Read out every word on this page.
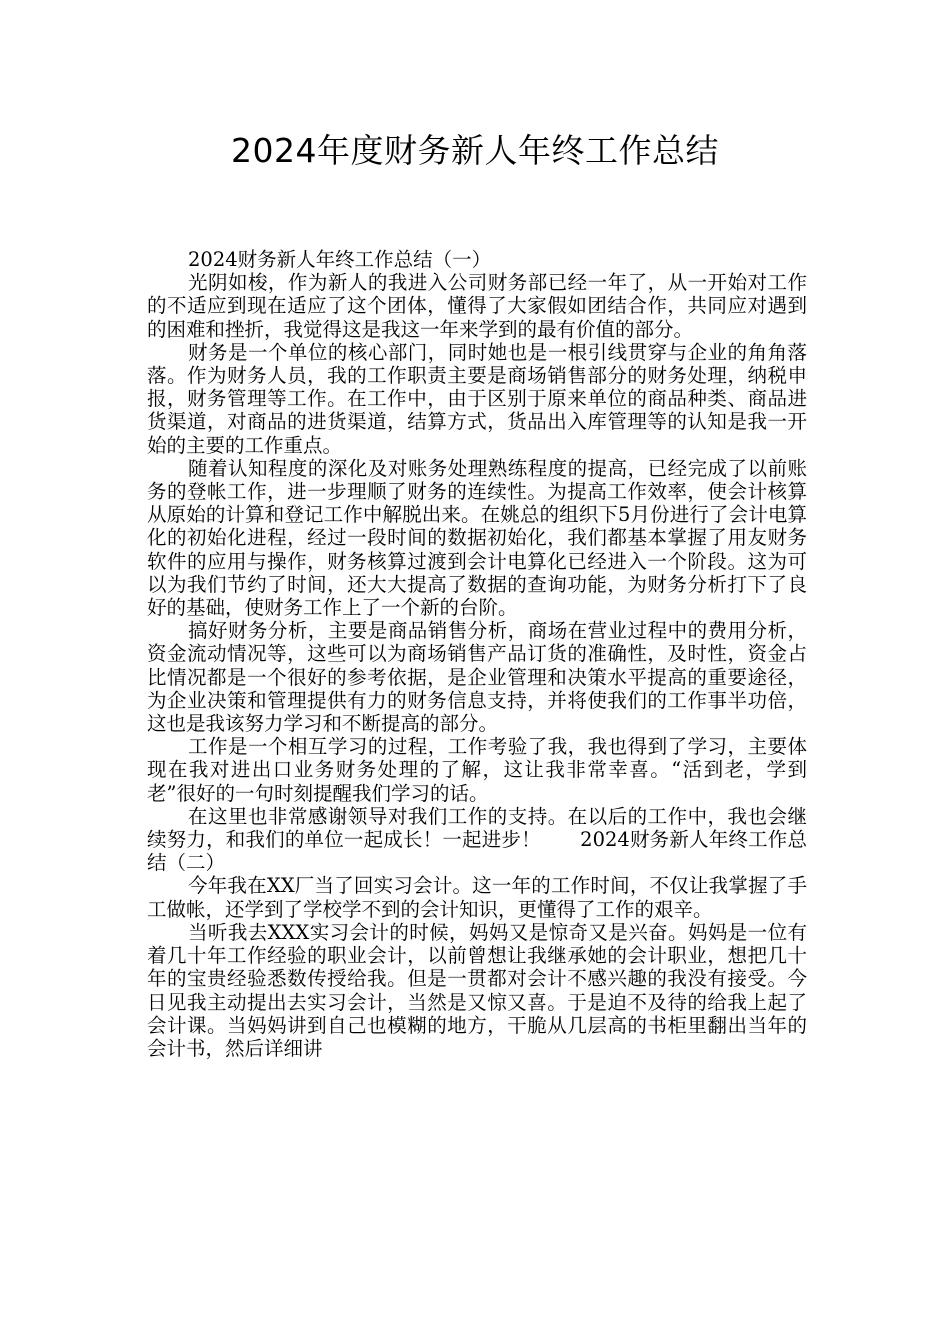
2024年度财务新人年终工作总结

2024财务新人年终工作总结（一）

光阴如梭，作为新人的我进入公司财务部已经一年了，从一开始对工作的不适应到现在适应了这个团体，懂得了大家假如团结合作，共同应对遇到的困难和挫折，我觉得这是我这一年来学到的最有价值的部分。

财务是一个单位的核心部门，同时她也是一根引线贯穿与企业的角角落落。作为财务人员，我的工作职责主要是商场销售部分的财务处理，纳税申报，财务管理等工作。在工作中，由于区别于原来单位的商品种类、商品进货渠道，对商品的进货渠道，结算方式，货品出入库管理等的认知是我一开始的主要的工作重点。

随着认知程度的深化及对账务处理熟练程度的提高，已经完成了以前账务的登帐工作，进一步理顺了财务的连续性。为提高工作效率，使会计核算从原始的计算和登记工作中解脱出来。在姚总的组织下5月份进行了会计电算化的初始化进程，经过一段时间的数据初始化，我们都基本掌握了用友财务软件的应用与操作，财务核算过渡到会计电算化已经进入一个阶段。这为可以为我们节约了时间，还大大提高了数据的查询功能，为财务分析打下了良好的基础，使财务工作上了一个新的台阶。

搞好财务分析，主要是商品销售分析，商场在营业过程中的费用分析，资金流动情况等，这些可以为商场销售产品订货的准确性，及时性，资金占比情况都是一个很好的参考依据，是企业管理和决策水平提高的重要途径，为企业决策和管理提供有力的财务信息支持，并将使我们的工作事半功倍，这也是我该努力学习和不断提高的部分。

工作是一个相互学习的过程，工作考验了我，我也得到了学习，主要体现在我对进出口业务财务处理的了解，这让我非常幸喜。“活到老，学到老”很好的一句时刻提醒我们学习的话。

在这里也非常感谢领导对我们工作的支持。在以后的工作中，我也会继续努力，和我们的单位一起成长！一起进步！　　2024财务新人年终工作总结（二）

今年我在XX厂当了回实习会计。这一年的工作时间，不仅让我掌握了手工做帐，还学到了学校学不到的会计知识，更懂得了工作的艰辛。

当听我去XXX实习会计的时候，妈妈又是惊奇又是兴奋。妈妈是一位有着几十年工作经验的职业会计，以前曾想让我继承她的会计职业，想把几十年的宝贵经验悉数传授给我。但是一贯都对会计不感兴趣的我没有接受。今日见我主动提出去实习会计，当然是又惊又喜。于是迫不及待的给我上起了会计课。当妈妈讲到自己也模糊的地方，干脆从几层高的书柜里翻出当年的会计书，然后详细讲
